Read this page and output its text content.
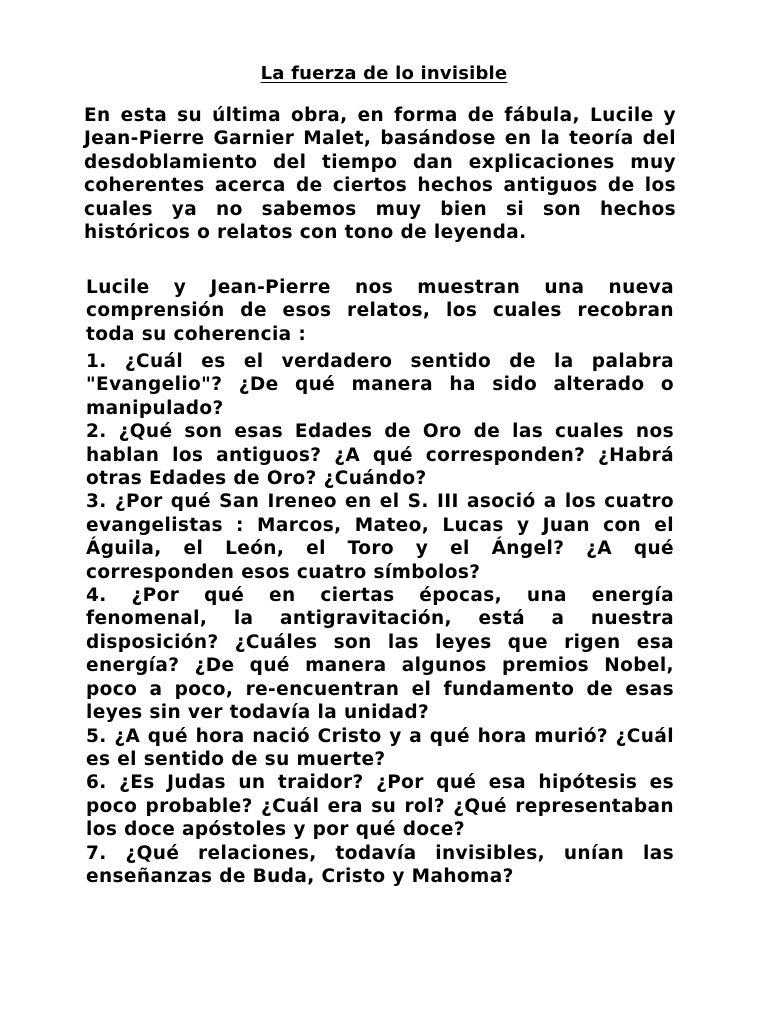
La fuerza de lo invisible

En esta su última obra, en forma de fábula, Lucile y Jean-Pierre Garnier Malet, basándose en la teoría del desdoblamiento del tiempo dan explicaciones muy coherentes acerca de ciertos hechos antiguos de los cuales ya no sabemos muy bien si son hechos históricos o relatos con tono de leyenda.

Lucile y Jean-Pierre nos muestran una nueva comprensión de esos relatos, los cuales recobran toda su coherencia :

1. ¿Cuál es el verdadero sentido de la palabra "Evangelio"? ¿De qué manera ha sido alterado o manipulado?
2. ¿Qué son esas Edades de Oro de las cuales nos hablan los antiguos? ¿A qué corresponden? ¿Habrá otras Edades de Oro? ¿Cuándo?
3. ¿Por qué San Ireneo en el S. III asoció a los cuatro evangelistas : Marcos, Mateo, Lucas y Juan con el Águila, el León, el Toro y el Ángel? ¿A qué corresponden esos cuatro símbolos?
4. ¿Por qué en ciertas épocas, una energía fenomenal, la antigravitación, está a nuestra disposición? ¿Cuáles son las leyes que rigen esa energía? ¿De qué manera algunos premios Nobel, poco a poco, re-encuentran el fundamento de esas leyes sin ver todavía la unidad?
5. ¿A qué hora nació Cristo y a qué hora murió? ¿Cuál es el sentido de su muerte?
6. ¿Es Judas un traidor? ¿Por qué esa hipótesis es poco probable? ¿Cuál era su rol? ¿Qué representaban los doce apóstoles y por qué doce?
7. ¿Qué relaciones, todavía invisibles, unían las enseñanzas de Buda, Cristo y Mahoma?
